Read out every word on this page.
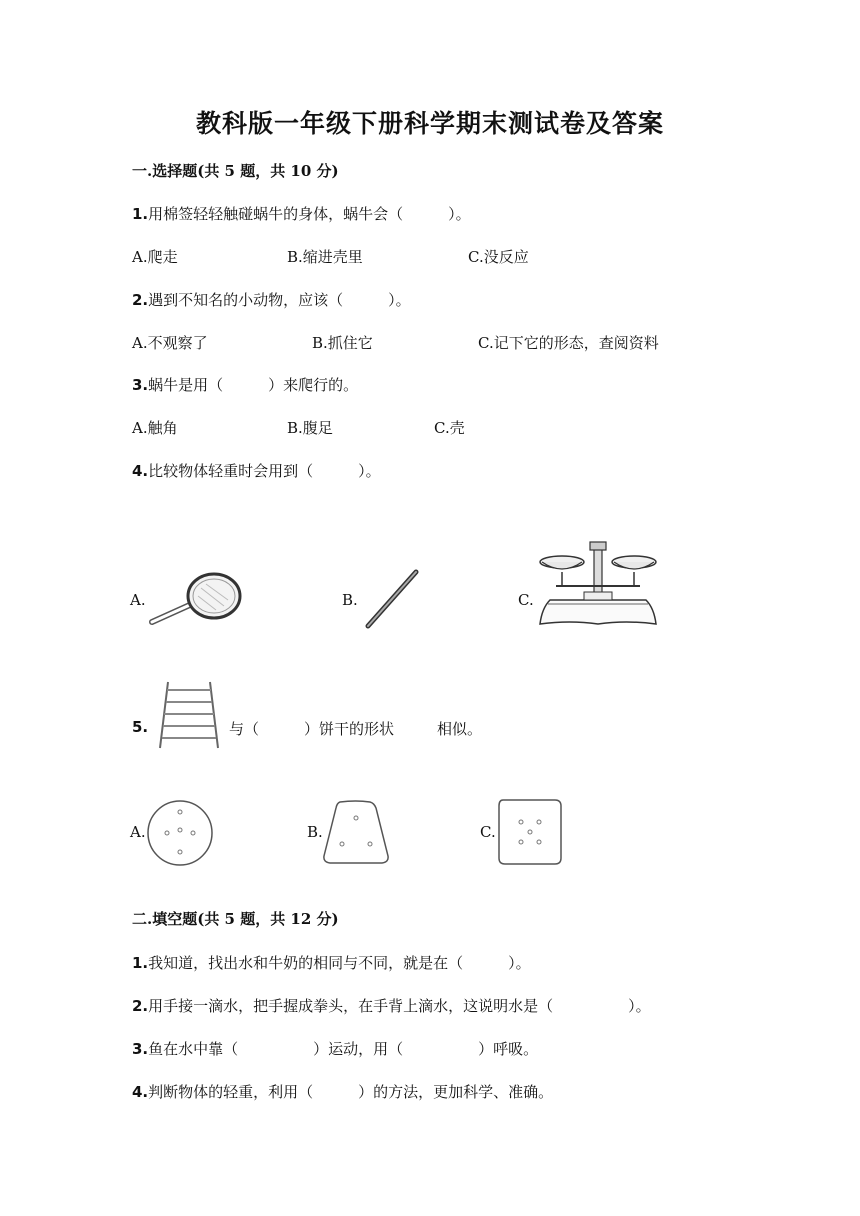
教科版一年级下册科学期末测试卷及答案
一.选择题(共 5 题，共 10 分)
1.用棉签轻轻触碰蜗牛的身体，蜗牛会（　　　）。
A.爬走	B.缩进壳里	C.没反应
2.遇到不知名的小动物，应该（　　　）。
A.不观察了	B.抓住它	C.记下它的形态，查阅资料
3.蜗牛是用（　　　）来爬行的。
A.触角	B.腹足	C.壳
4.比较物体轻重时会用到（　　　）。
A.	B.	C.
5.	与（　　　）饼干的形状	相似。
A.	B.	C.
二.填空题(共 5 题，共 12 分)
1.我知道，找出水和牛奶的相同与不同，就是在（　　　）。
2.用手接一滴水，把手握成拳头，在手背上滴水，这说明水是（　　　　　）。
3.鱼在水中靠（　　　　　）运动，用（　　　　　）呼吸。
4.判断物体的轻重，利用（　　　）的方法，更加科学、准确。
